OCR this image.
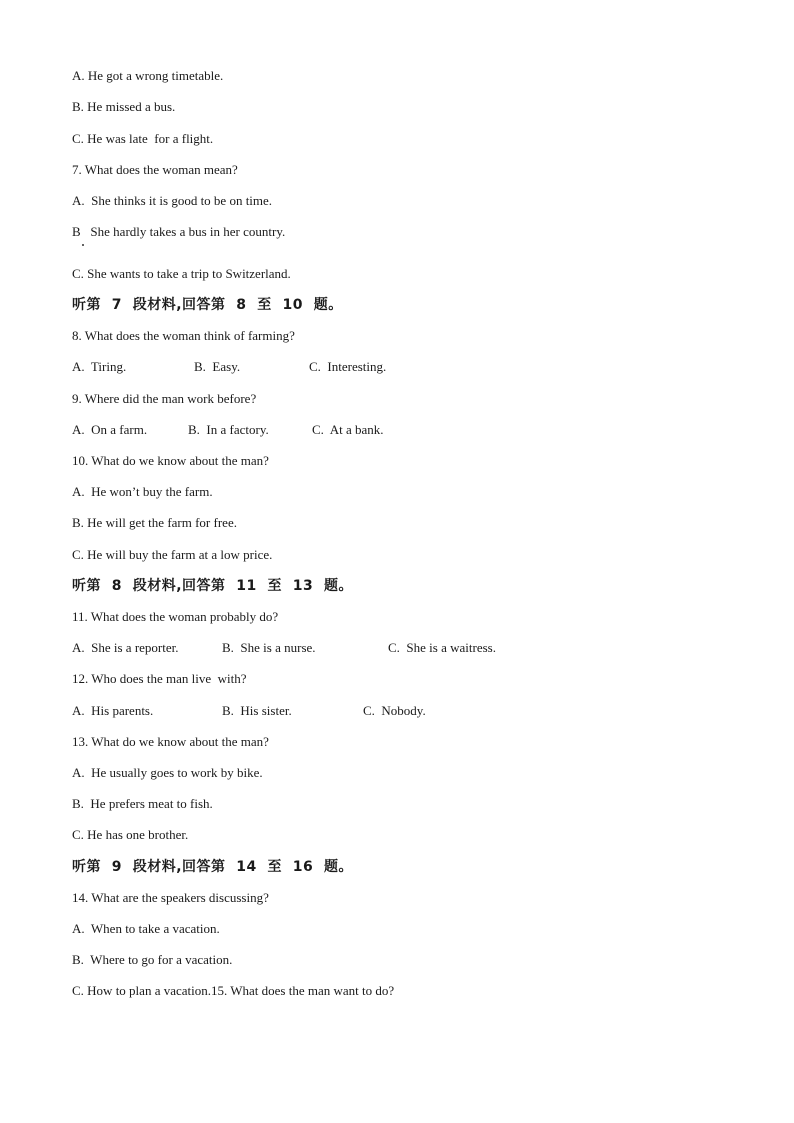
A. He got a wrong timetable.
B. He missed a bus.
C. He was late  for a flight.
7. What does the woman mean?
A.  She thinks it is good to be on time.
B   She hardly takes a bus in her country.
C. She wants to take a trip to Switzerland.
听第  7  段材料,回答第  8  至  10  题。
8. What does the woman think of farming?
A.  Tiring.	B.  Easy.	C.  Interesting.
9. Where did the man work before?
A.  On a farm.	B.  In a factory.	C.  At a bank.
10. What do we know about the man?
A.  He won’t buy the farm.
B. He will get the farm for free.
C. He will buy the farm at a low price.
听第  8  段材料,回答第  11  至  13  题。
11. What does the woman probably do?
A.  She is a reporter.	B.  She is a nurse.	C.  She is a waitress.
12. Who does the man live  with?
A.  His parents.	B.  His sister.	C.  Nobody.
13. What do we know about the man?
A.  He usually goes to work by bike.
B.  He prefers meat to fish.
C. He has one brother.
听第  9  段材料,回答第  14  至  16  题。
14. What are the speakers discussing?
A.  When to take a vacation.
B.  Where to go for a vacation.
C. How to plan a vacation.15. What does the man want to do?
